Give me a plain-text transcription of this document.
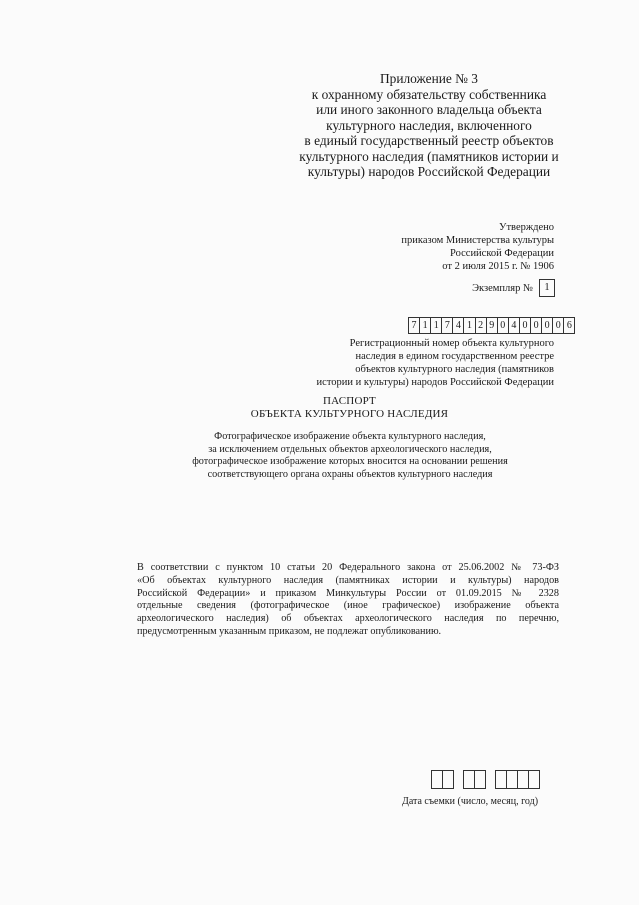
Приложение № 3
к охранному обязательству собственника
или иного законного владельца объекта
культурного наследия, включенного
в единый государственный реестр объектов
культурного наследия (памятников истории и
культуры) народов Российской Федерации
Утверждено
приказом Министерства культуры
Российской Федерации
от 2 июля 2015 г. № 1906
Экземпляр №	1
7 1 1 7 4 1 2 9 0 4 0 0 0 0 6
Регистрационный номер объекта культурного
наследия в едином государственном реестре
объектов культурного наследия (памятников
истории и культуры) народов Российской Федерации
ПАСПОРТ
ОБЪЕКТА КУЛЬТУРНОГО НАСЛЕДИЯ
Фотографическое изображение объекта культурного наследия,
за исключением отдельных объектов археологического наследия,
фотографическое изображение которых вносится на основании решения
соответствующего органа охраны объектов культурного наследия
В соответствии с пунктом 10 статьи 20 Федерального закона от 25.06.2002 № 73-ФЗ
«Об объектах культурного наследия (памятниках истории и культуры) народов
Российской Федерации» и приказом Минкультуры России от 01.09.2015 № 2328
отдельные сведения (фотографическое (иное графическое) изображение объекта
археологического наследия) об объектах археологического наследия по перечню,
предусмотренным указанным приказом, не подлежат опубликованию.
Дата съемки (число, месяц, год)
